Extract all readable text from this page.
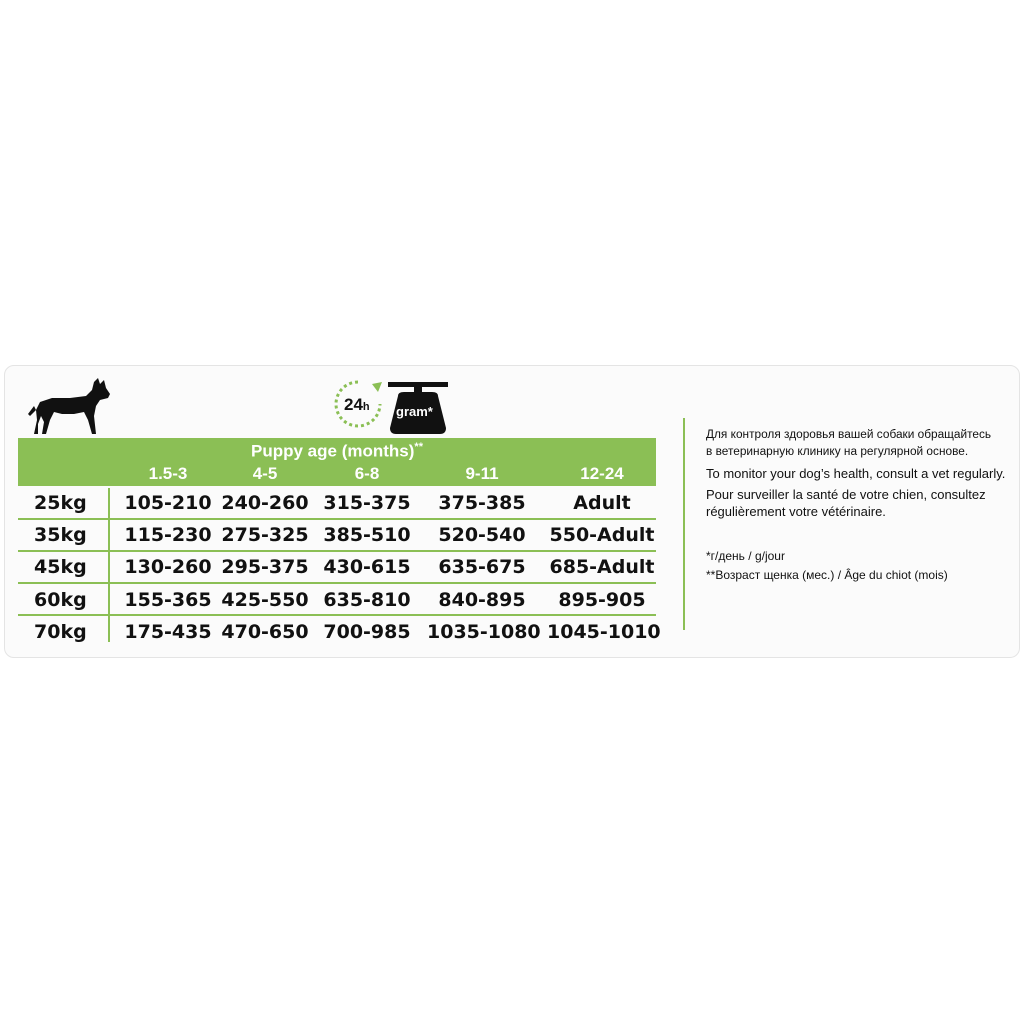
24h gram*
Puppy age (months)**
1.5-3	4-5	6-8	9-11	12-24
25kg	105-210 240-260 315-375	375-385	Adult
35kg	115-230 275-325 385-510	520-540	550-Adult
45kg	130-260 295-375 430-615	635-675	685-Adult
60kg	155-365 425-550 635-810	840-895	895-905
70kg	175-435 470-650 700-985 1035-1080 1045-1010
Для контроля здоровья вашей собаки обращайтесь
в ветеринарную клинику на регулярной основе.
To monitor your dog’s health, consult a vet regularly.
Pour surveiller la santé de votre chien, consultez
régulièrement votre vétérinaire.
*г/день / g/jour
**Возраст щенка (мес.) / Âge du chiot (mois)
